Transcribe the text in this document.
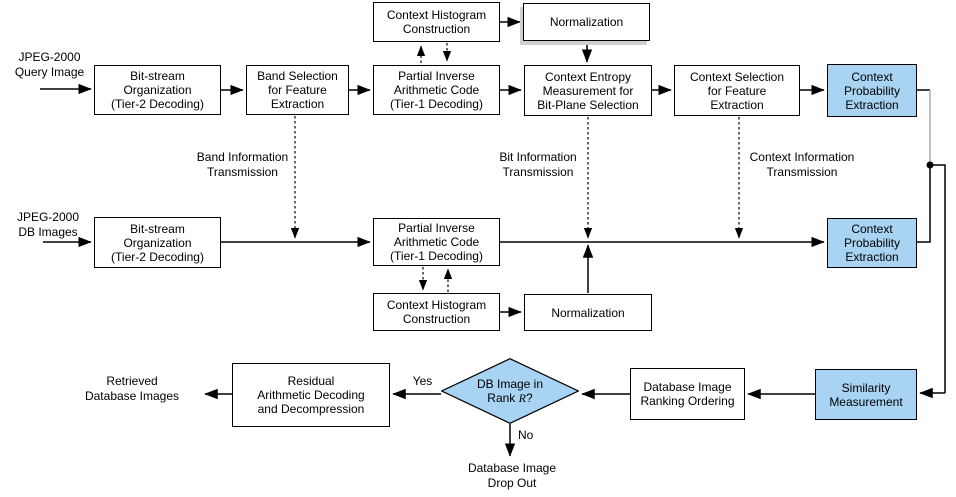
Context Histogram
Construction	Normalization
Bit-stream
Organization
(Tier-2 Decoding)
Band Selection
for Feature
Extraction
Partial Inverse
Arithmetic Code
(Tier-1 Decoding)
Context Entropy
Measurement for
Bit-Plane Selection
Context Selection
for Feature
Extraction
Context
Probability
Extraction
Bit-stream
Organization
(Tier-2 Decoding)
Partial Inverse
Arithmetic Code
(Tier-1 Decoding)
Context
Probability
Extraction
Context Histogram
Construction	Normalization
Residual
Arithmetic Decoding
and Decompression
Database Image
Ranking Ordering
Similarity
Measurement
DB Image in
Rank R?
JPEG-2000
Query Image
JPEG-2000
DB Images
Band Information
Transmission
Bit Information
Transmission
Context Information
Transmission
Retrieved
Database Images
Yes
No
Database Image
Drop Out
